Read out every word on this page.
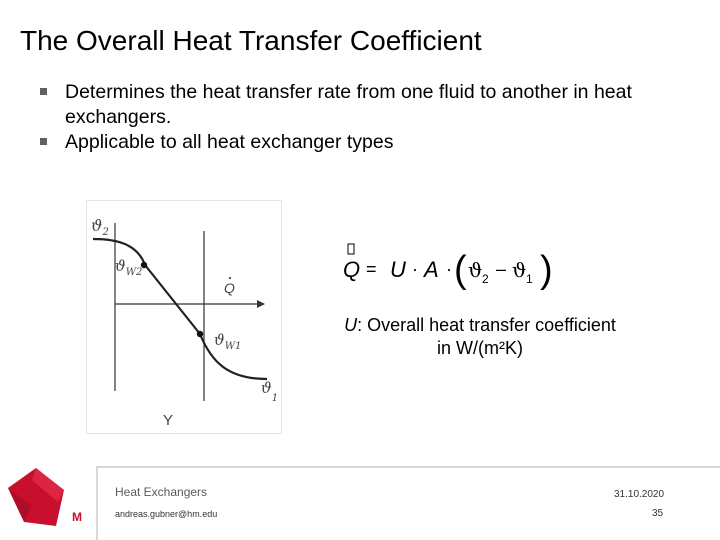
The Overall Heat Transfer Coefficient
Determines the heat transfer rate from one fluid to another in heat exchangers.
Applicable to all heat exchanger types
$ϑ_2$
$ϑ_{W2}$
Q
$ϑ_{W1}$
$ϑ_1$
Y
Q = U · A · ( ϑ 2 – ϑ 1 )
U: Overall heat transfer coefficient
in W/(m²K)
M
Heat Exchangers
andreas.gubner@hm.edu
31.10.2020
35
